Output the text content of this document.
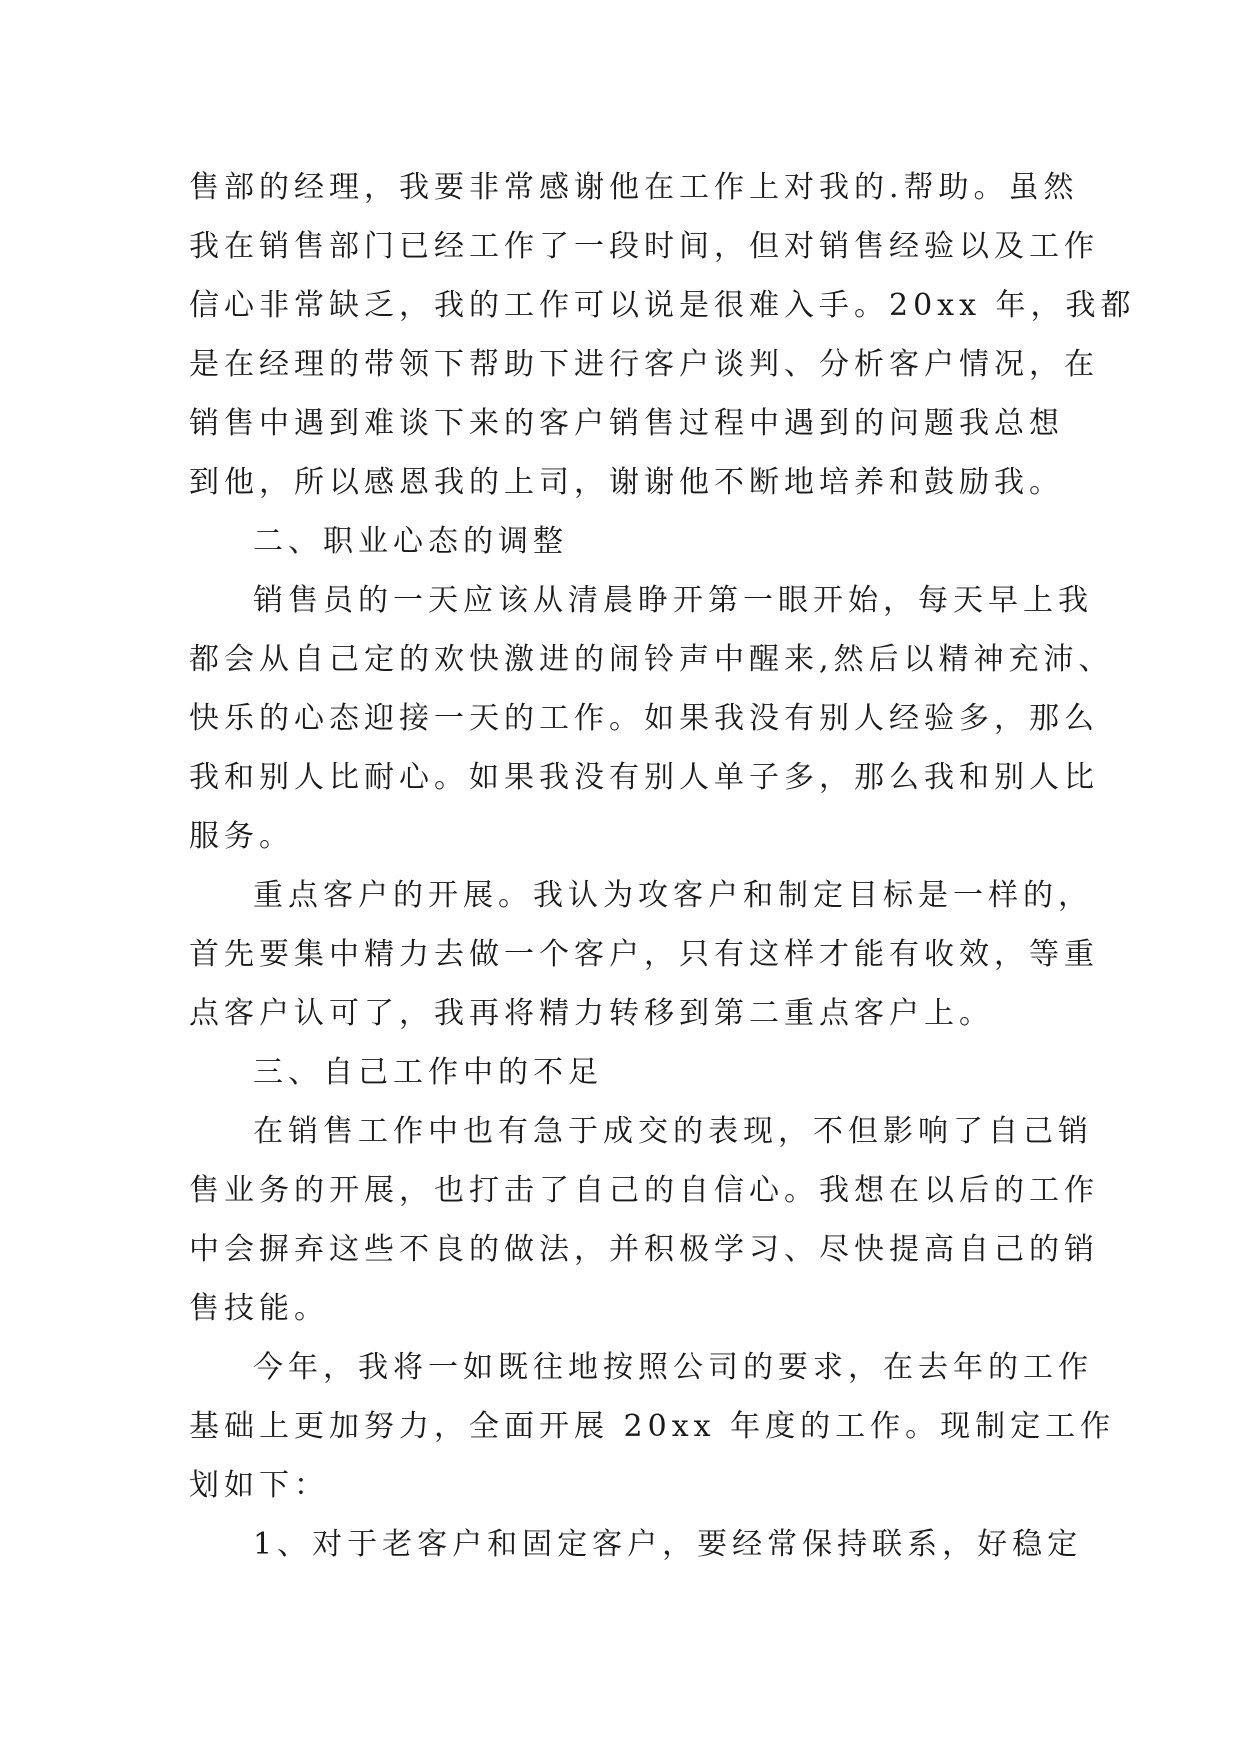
售部的经理，我要非常感谢他在工作上对我的.帮助。虽然
我在销售部门已经工作了一段时间，但对销售经验以及工作
信心非常缺乏，我的工作可以说是很难入手。20xx 年，我都
是在经理的带领下帮助下进行客户谈判、分析客户情况，在
销售中遇到难谈下来的客户销售过程中遇到的问题我总想
到他，所以感恩我的上司，谢谢他不断地培养和鼓励我。
二、职业心态的调整
销售员的一天应该从清晨睁开第一眼开始，每天早上我
都会从自己定的欢快激进的闹铃声中醒来,然后以精神充沛、
快乐的心态迎接一天的工作。如果我没有别人经验多，那么
我和别人比耐心。如果我没有别人单子多，那么我和别人比
服务。
重点客户的开展。我认为攻客户和制定目标是一样的，
首先要集中精力去做一个客户，只有这样才能有收效，等重
点客户认可了，我再将精力转移到第二重点客户上。
三、自己工作中的不足
在销售工作中也有急于成交的表现，不但影响了自己销
售业务的开展，也打击了自己的自信心。我想在以后的工作
中会摒弃这些不良的做法，并积极学习、尽快提高自己的销
售技能。
今年，我将一如既往地按照公司的要求，在去年的工作
基础上更加努力，全面开展 20xx 年度的工作。现制定工作
划如下：
1、对于老客户和固定客户，要经常保持联系，好稳定
